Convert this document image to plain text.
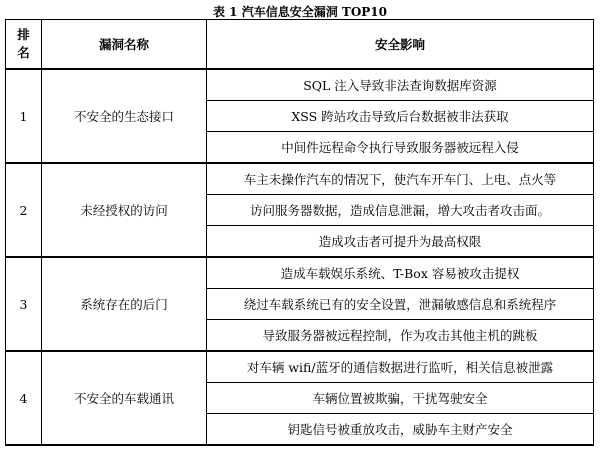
表 1 汽车信息安全漏洞 TOP10
排
名	漏洞名称	安全影响
1	不安全的生态接口	SQL 注入导致非法查询数据库资源
		XSS 跨站攻击导致后台数据被非法获取
		中间件远程命令执行导致服务器被远程入侵
2	未经授权的访问	车主未操作汽车的情况下，使汽车开车门、上电、点火等
		访问服务器数据，造成信息泄漏，增大攻击者攻击面。
		造成攻击者可提升为最高权限
3	系统存在的后门	造成车载娱乐系统、T-Box 容易被攻击提权
		绕过车载系统已有的安全设置，泄漏敏感信息和系统程序
		导致服务器被远程控制，作为攻击其他主机的跳板
4	不安全的车载通讯	对车辆 wifi/蓝牙的通信数据进行监听，相关信息被泄露
		车辆位置被欺骗，干扰驾驶安全
		钥匙信号被重放攻击，威胁车主财产安全
